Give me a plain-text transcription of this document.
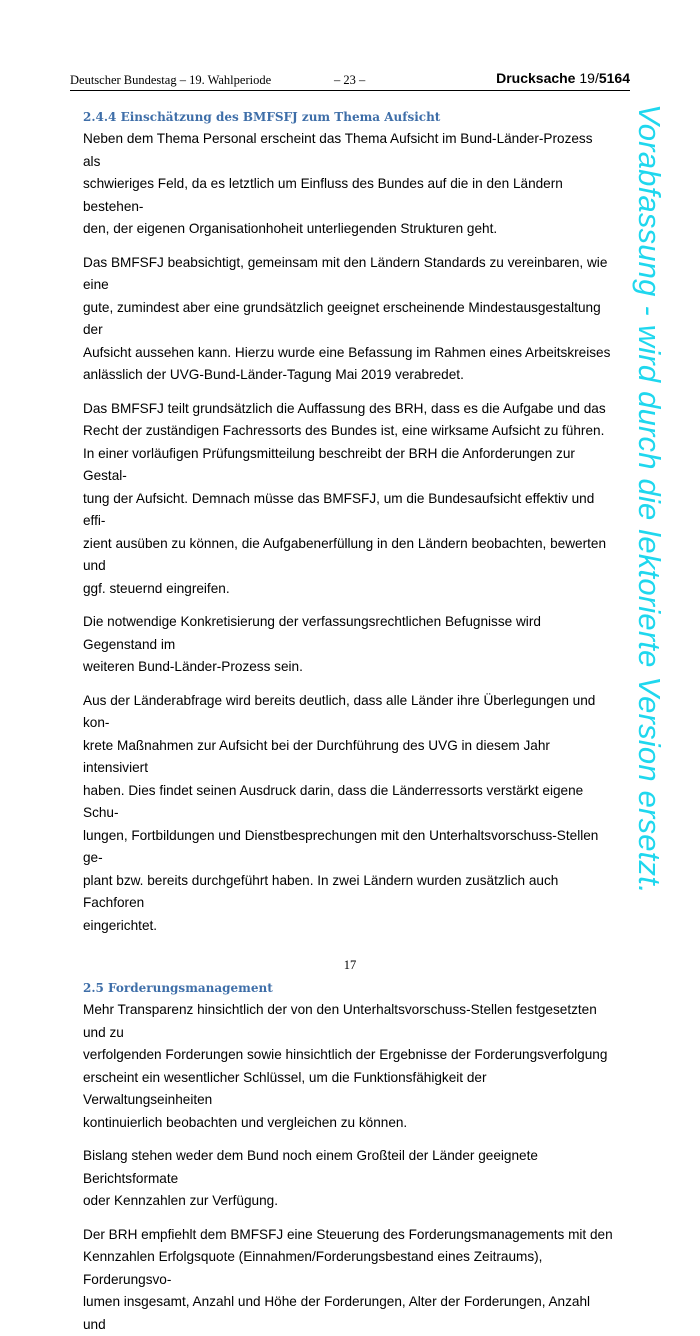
Deutscher Bundestag – 19. Wahlperiode	– 23 –	Drucksache 19/5164
2.4.4 Einschätzung des BMFSFJ zum Thema Aufsicht

Neben dem Thema Personal erscheint das Thema Aufsicht im Bund-Länder-Prozess als
schwieriges Feld, da es letztlich um Einfluss des Bundes auf die in den Ländern bestehen-
den, der eigenen Organisationhoheit unterliegenden Strukturen geht.

Das BMFSFJ beabsichtigt, gemeinsam mit den Ländern Standards zu vereinbaren, wie eine
gute, zumindest aber eine grundsätzlich geeignet erscheinende Mindestausgestaltung der
Aufsicht aussehen kann. Hierzu wurde eine Befassung im Rahmen eines Arbeitskreises
anlässlich der UVG-Bund-Länder-Tagung Mai 2019 verabredet.

Das BMFSFJ teilt grundsätzlich die Auffassung des BRH, dass es die Aufgabe und das
Recht der zuständigen Fachressorts des Bundes ist, eine wirksame Aufsicht zu führen.
In einer vorläufigen Prüfungsmitteilung beschreibt der BRH die Anforderungen zur Gestal-
tung der Aufsicht. Demnach müsse das BMFSFJ, um die Bundesaufsicht effektiv und effi-
zient ausüben zu können, die Aufgabenerfüllung in den Ländern beobachten, bewerten und
ggf. steuernd eingreifen.

Die notwendige Konkretisierung der verfassungsrechtlichen Befugnisse wird Gegenstand im
weiteren Bund-Länder-Prozess sein.

Aus der Länderabfrage wird bereits deutlich, dass alle Länder ihre Überlegungen und kon-
krete Maßnahmen zur Aufsicht bei der Durchführung des UVG in diesem Jahr intensiviert
haben. Dies findet seinen Ausdruck darin, dass die Länderressorts verstärkt eigene Schu-
lungen, Fortbildungen und Dienstbesprechungen mit den Unterhaltsvorschuss-Stellen ge-
plant bzw. bereits durchgeführt haben. In zwei Ländern wurden zusätzlich auch Fachforen
eingerichtet.

2.5 Forderungsmanagement

Mehr Transparenz hinsichtlich der von den Unterhaltsvorschuss-Stellen festgesetzten und zu
verfolgenden Forderungen sowie hinsichtlich der Ergebnisse der Forderungsverfolgung
erscheint ein wesentlicher Schlüssel, um die Funktionsfähigkeit der Verwaltungseinheiten
kontinuierlich beobachten und vergleichen zu können.

Bislang stehen weder dem Bund noch einem Großteil der Länder geeignete Berichtsformate
oder Kennzahlen zur Verfügung.

Der BRH empfiehlt dem BMFSFJ eine Steuerung des Forderungsmanagements mit den
Kennzahlen Erfolgsquote (Einnahmen/Forderungsbestand eines Zeitraums), Forderungsvo-
lumen insgesamt, Anzahl und Höhe der Forderungen, Alter der Forderungen, Anzahl und

Vorabfassung - wird durch die lektorierte Version ersetzt.
17
